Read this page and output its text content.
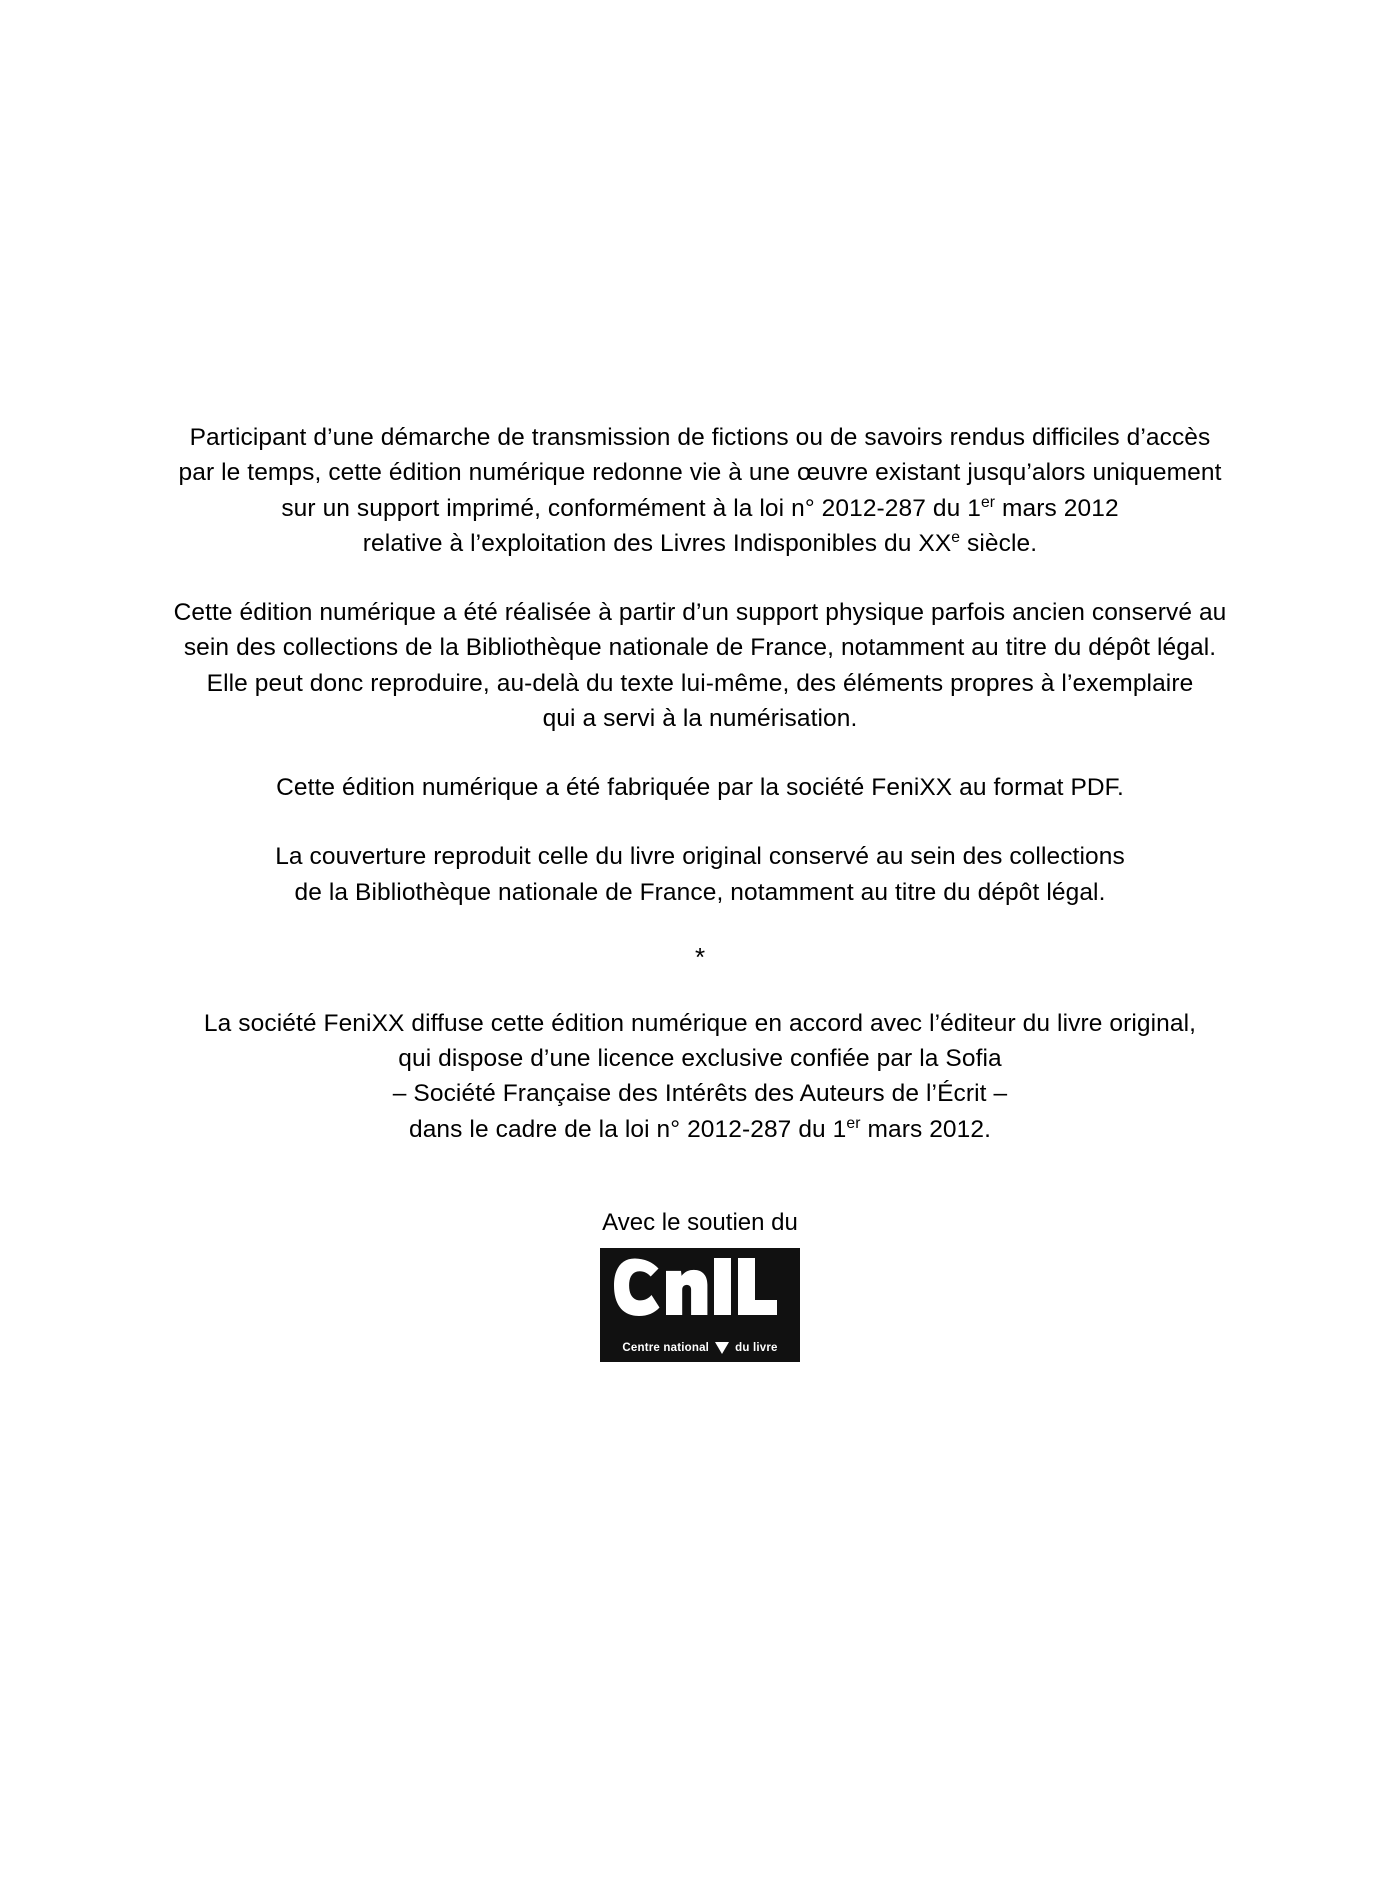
Participant d’une démarche de transmission de fictions ou de savoirs rendus difficiles d’accès
par le temps, cette édition numérique redonne vie à une œuvre existant jusqu’alors uniquement
sur un support imprimé, conformément à la loi n° 2012-287 du 1er mars 2012
relative à l’exploitation des Livres Indisponibles du XXe siècle.

Cette édition numérique a été réalisée à partir d’un support physique parfois ancien conservé au
sein des collections de la Bibliothèque nationale de France, notamment au titre du dépôt légal.
Elle peut donc reproduire, au-delà du texte lui-même, des éléments propres à l’exemplaire
qui a servi à la numérisation.

Cette édition numérique a été fabriquée par la société FeniXX au format PDF.

La couverture reproduit celle du livre original conservé au sein des collections
de la Bibliothèque nationale de France, notamment au titre du dépôt légal.

*

La société FeniXX diffuse cette édition numérique en accord avec l’éditeur du livre original,
qui dispose d’une licence exclusive confiée par la Sofia
– Société Française des Intérêts des Auteurs de l’Écrit –
dans le cadre de la loi n° 2012-287 du 1er mars 2012.

Avec le soutien du
Centre national du livre
